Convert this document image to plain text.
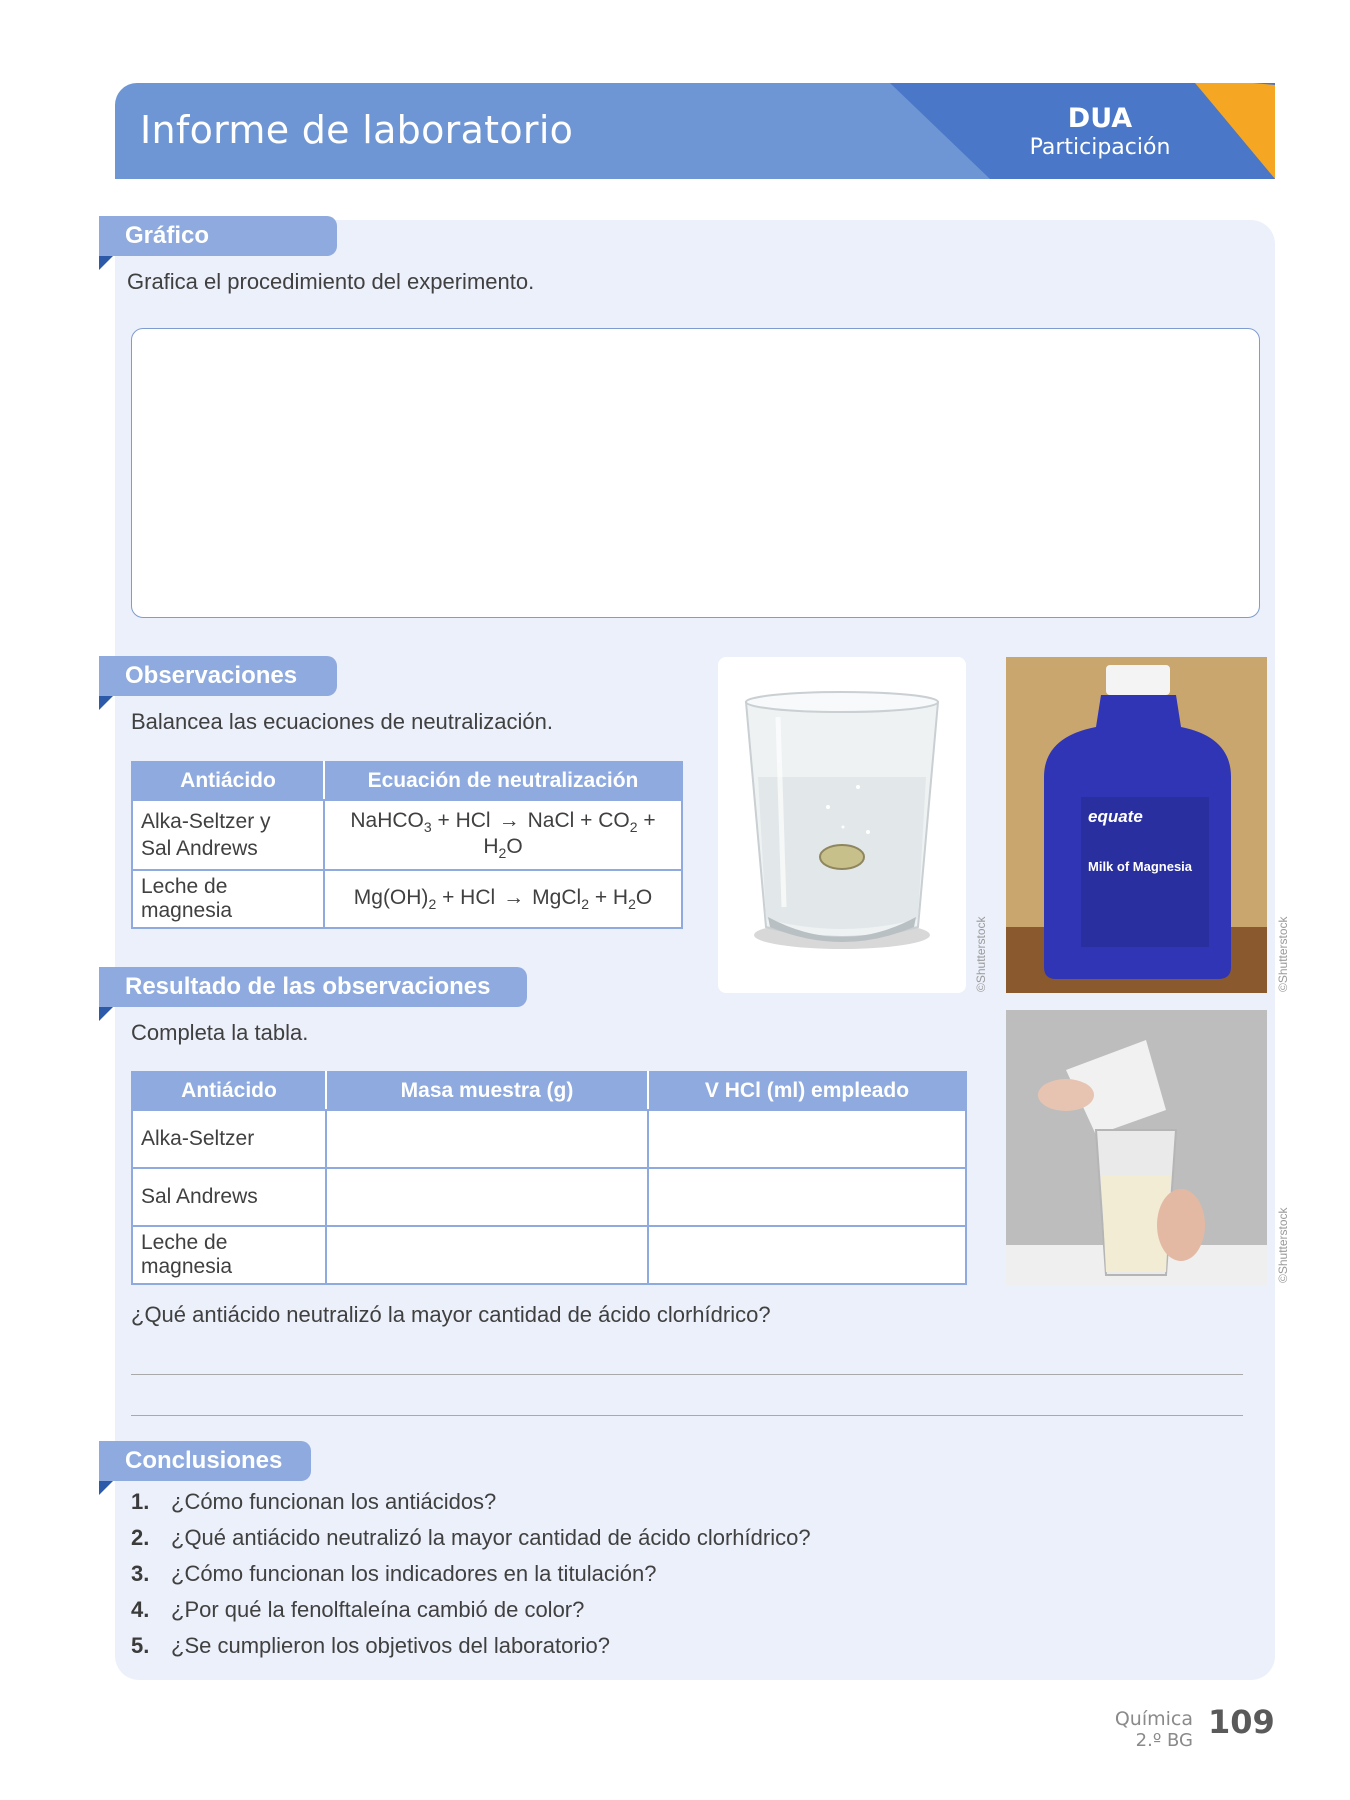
Informe de laboratorio	DUA
Participación
Gráfico
Grafica el procedimiento del experimento.
Observaciones
Balancea las ecuaciones de neutralización.
Antiácido	Ecuación de neutralización

Alka-Seltzer y
Sal Andrews	NaHCO$_3$ + HCl → NaCl + $CO_2 + H_2O$
Leche de magnesia	$Mg(OH)_2$ + HCl → MgCl$_2$ + $H_2O$
©Shutterstock
equate
Milk of Magnesia
©Shutterstock
©Shutterstock
Resultado de las observaciones
Completa la tabla.
Antiácido	Masa muestra (g)	V HCl (ml) empleado
Alka-Seltzer		
Sal Andrews		
Leche de magnesia		
¿Qué antiácido neutralizó la mayor cantidad de ácido clorhídrico?
Conclusiones
1. ¿Cómo funcionan los antiácidos?
2. ¿Qué antiácido neutralizó la mayor cantidad de ácido clorhídrico?
3. ¿Cómo funcionan los indicadores en la titulación?
4. ¿Por qué la fenolftaleína cambió de color?
5. ¿Se cumplieron los objetivos del laboratorio?
Química
2.º BG 109
